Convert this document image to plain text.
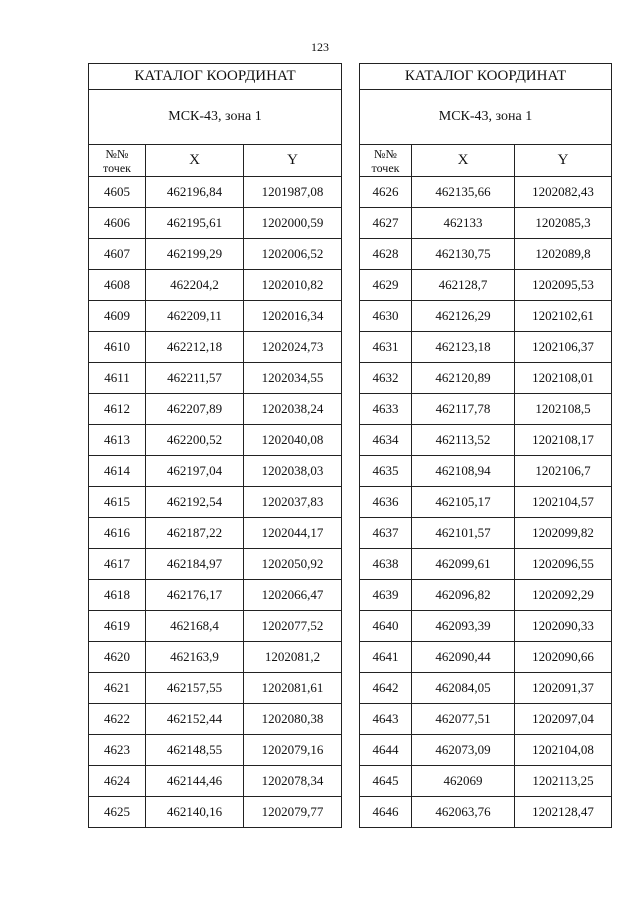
123
КАТАЛОГ КООРДИНАТ		
МСК-43, зона 1		
№№
точек	X	Y
4605	462196,84	1201987,08
4606	462195,61	1202000,59
4607	462199,29	1202006,52
4608	462204,2	1202010,82
4609	462209,11	1202016,34
4610	462212,18	1202024,73
4611	462211,57	1202034,55
4612	462207,89	1202038,24
4613	462200,52	1202040,08
4614	462197,04	1202038,03
4615	462192,54	1202037,83
4616	462187,22	1202044,17
4617	462184,97	1202050,92
4618	462176,17	1202066,47
4619	462168,4	1202077,52
4620	462163,9	1202081,2
4621	462157,55	1202081,61
4622	462152,44	1202080,38
4623	462148,55	1202079,16
4624	462144,46	1202078,34
4625	462140,16	1202079,77
КАТАЛОГ КООРДИНАТ		
МСК-43, зона 1		
№№
точек	X	Y
4626	462135,66	1202082,43
4627	462133	1202085,3
4628	462130,75	1202089,8
4629	462128,7	1202095,53
4630	462126,29	1202102,61
4631	462123,18	1202106,37
4632	462120,89	1202108,01
4633	462117,78	1202108,5
4634	462113,52	1202108,17
4635	462108,94	1202106,7
4636	462105,17	1202104,57
4637	462101,57	1202099,82
4638	462099,61	1202096,55
4639	462096,82	1202092,29
4640	462093,39	1202090,33
4641	462090,44	1202090,66
4642	462084,05	1202091,37
4643	462077,51	1202097,04
4644	462073,09	1202104,08
4645	462069	1202113,25
4646	462063,76	1202128,47
